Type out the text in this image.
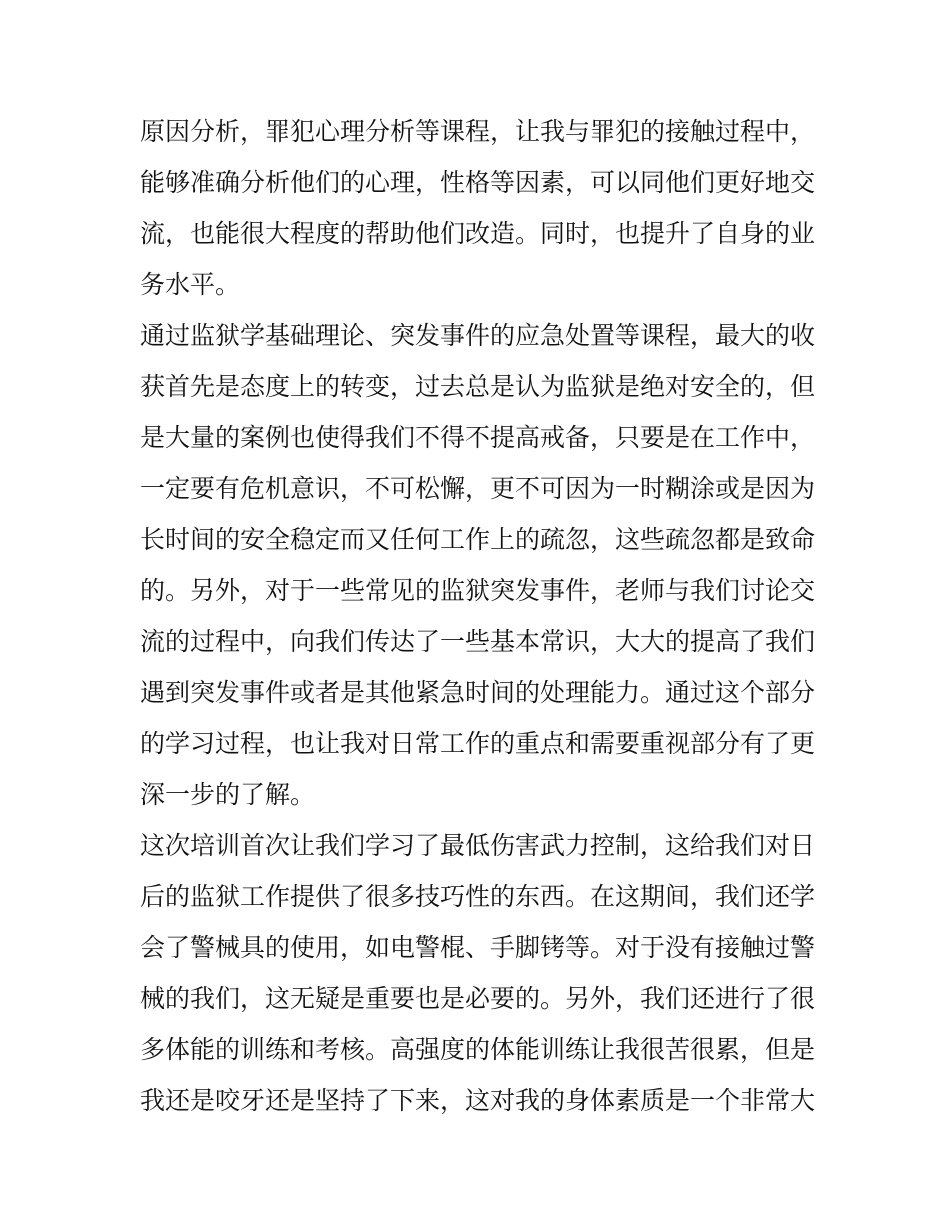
原因分析，罪犯心理分析等课程，让我与罪犯的接触过程中，
能够准确分析他们的心理，性格等因素，可以同他们更好地交
流，也能很大程度的帮助他们改造。同时，也提升了自身的业
务水平。
通过监狱学基础理论、突发事件的应急处置等课程，最大的收
获首先是态度上的转变，过去总是认为监狱是绝对安全的，但
是大量的案例也使得我们不得不提高戒备，只要是在工作中，
一定要有危机意识，不可松懈，更不可因为一时糊涂或是因为
长时间的安全稳定而又任何工作上的疏忽，这些疏忽都是致命
的。另外，对于一些常见的监狱突发事件，老师与我们讨论交
流的过程中，向我们传达了一些基本常识，大大的提高了我们
遇到突发事件或者是其他紧急时间的处理能力。通过这个部分
的学习过程，也让我对日常工作的重点和需要重视部分有了更
深一步的了解。
这次培训首次让我们学习了最低伤害武力控制，这给我们对日
后的监狱工作提供了很多技巧性的东西。在这期间，我们还学
会了警械具的使用，如电警棍、手脚铐等。对于没有接触过警
械的我们，这无疑是重要也是必要的。另外，我们还进行了很
多体能的训练和考核。高强度的体能训练让我很苦很累，但是
我还是咬牙还是坚持了下来，这对我的身体素质是一个非常大
